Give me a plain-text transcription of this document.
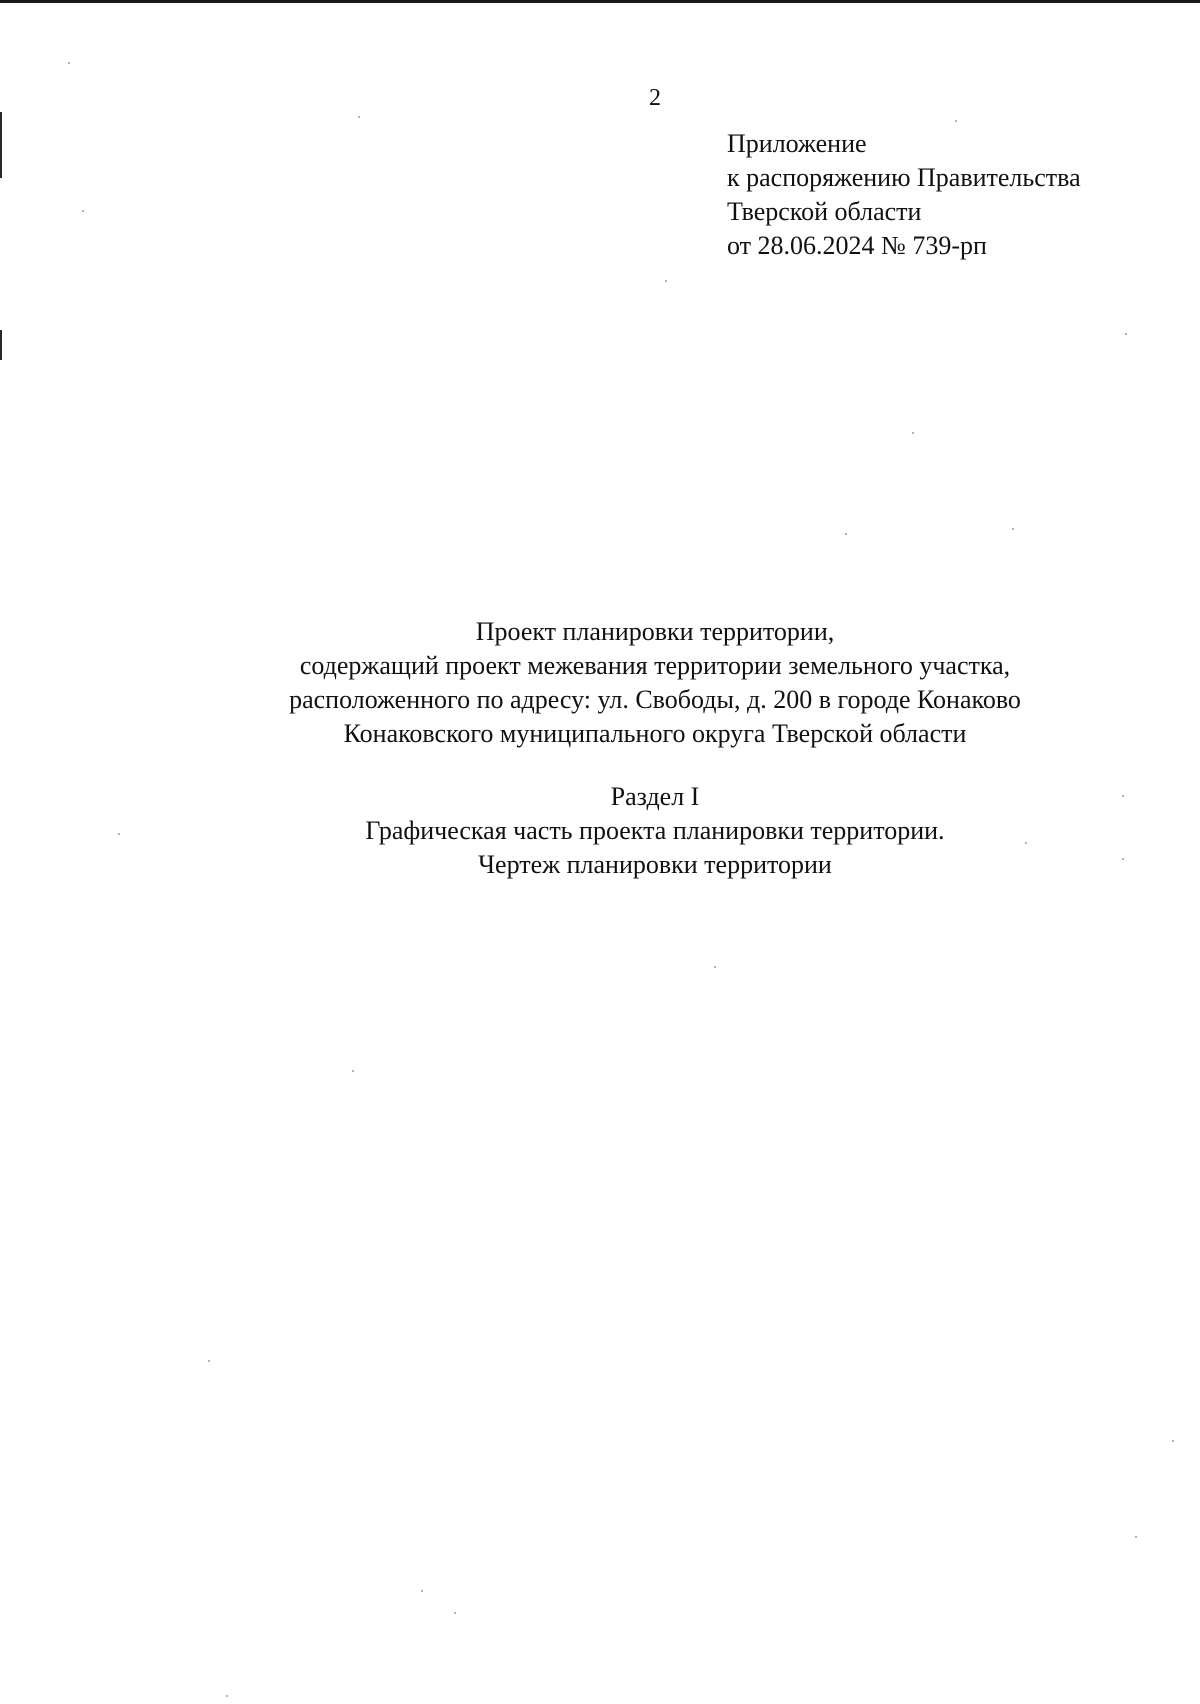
2
Приложение
к распоряжению Правительства
Тверской области
от 28.06.2024 № 739-рп
Проект планировки территории,
содержащий проект межевания территории земельного участка,
расположенного по адресу: ул. Свободы, д. 200 в городе Конаково
Конаковского муниципального округа Тверской области
Раздел I
Графическая часть проекта планировки территории.
Чертеж планировки территории
